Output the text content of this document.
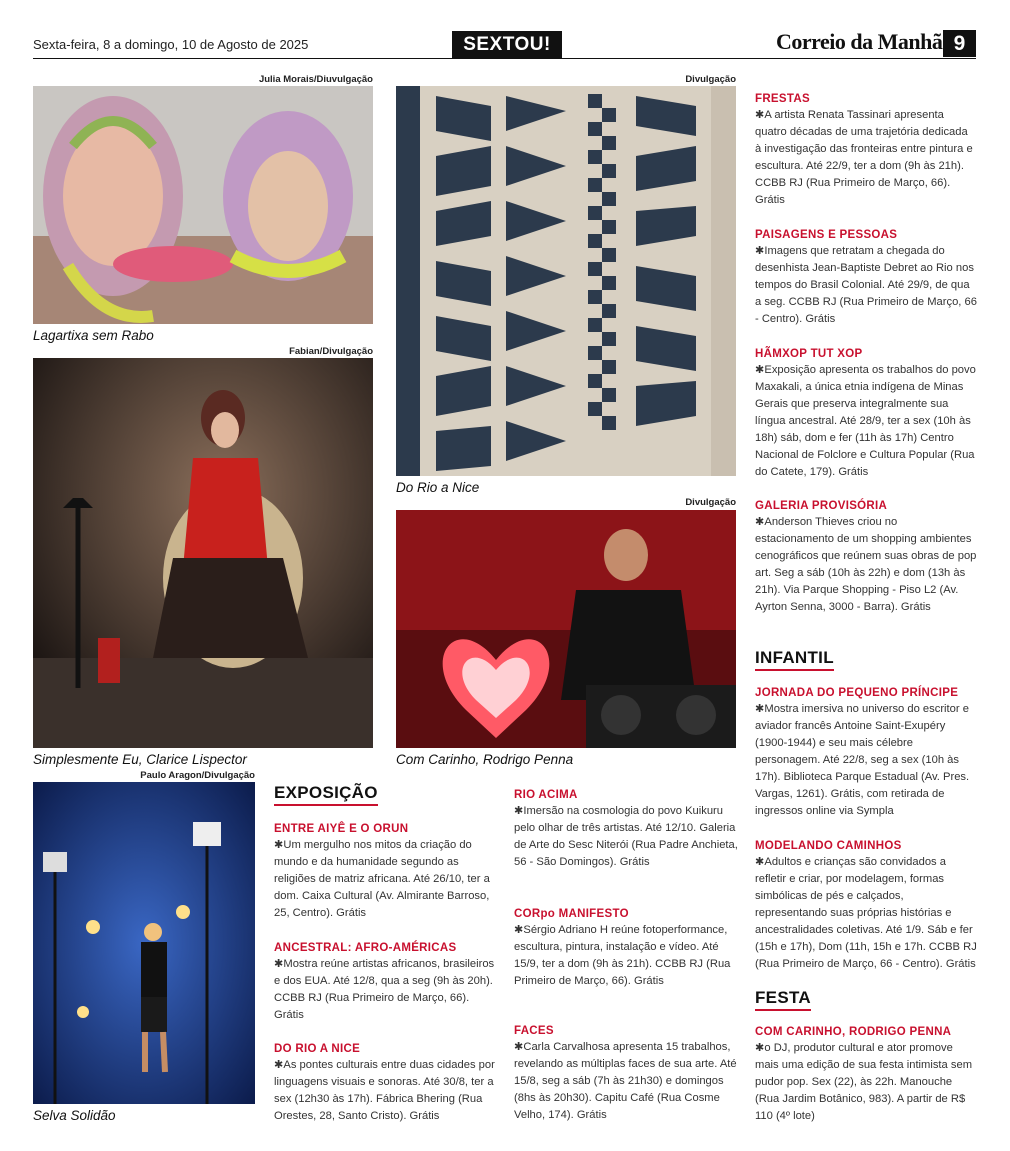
Sexta-feira, 8 a domingo, 10 de Agosto de 2025	SEXTOU!	Correio da Manhã 9
Julia Morais/Diuvulgação
Lagartixa sem Rabo
Fabian/Divulgação
Simplesmente Eu, Clarice Lispector
Paulo Aragon/Divulgação
Selva Solidão
Divulgação
Do Rio a Nice
Divulgação
Com Carinho, Rodrigo Penna
EXPOSIÇÃO
ENTRE AIYÊ E O ORUN
✱Um mergulho nos mitos da criação do mundo e da humanidade segundo as religiões de matriz africana. Até 26/10, ter a dom. Caixa Cultural (Av. Almirante Barroso, 25, Centro). Grátis
ANCESTRAL: AFRO-AMÉRICAS
✱Mostra reúne artistas africanos, brasileiros e dos EUA. Até 12/8, qua a seg (9h às 20h). CCBB RJ (Rua Primeiro de Março, 66). Grátis
DO RIO A NICE
✱As pontes culturais entre duas cidades por linguagens visuais e sonoras. Até 30/8, ter a sex (12h30 às 17h). Fábrica Bhering (Rua Orestes, 28, Santo Cristo). Grátis
RIO ACIMA
✱Imersão na cosmologia do povo Kuikuru pelo olhar de três artistas. Até 12/10. Galeria de Arte do Sesc Niterói (Rua Padre Anchieta, 56 - São Domingos). Grátis
CORpo MANIFESTO
✱Sérgio Adriano H reúne fotoperformance, escultura, pintura, instalação e vídeo. Até 15/9, ter a dom (9h às 21h). CCBB RJ (Rua Primeiro de Março, 66). Grátis
FACES
✱Carla Carvalhosa apresenta 15 trabalhos, revelando as múltiplas faces de sua arte. Até 15/8, seg a sáb (7h às 21h30) e domingos (8hs às 20h30). Capitu Café (Rua Cosme Velho, 174). Grátis
FRESTAS
✱A artista Renata Tassinari apresenta quatro décadas de uma trajetória dedicada à investigação das fronteiras entre pintura e escultura. Até 22/9, ter a dom (9h às 21h). CCBB RJ (Rua Primeiro de Março, 66). Grátis
PAISAGENS E PESSOAS
✱Imagens que retratam a chegada do desenhista Jean-Baptiste Debret ao Rio nos tempos do Brasil Colonial. Até 29/9, de qua a seg. CCBB RJ (Rua Primeiro de Março, 66 - Centro). Grátis
HÃMXOP TUT XOP
✱Exposição apresenta os trabalhos do povo Maxakali, a única etnia indígena de Minas Gerais que preserva integralmente sua língua ancestral. Até 28/9, ter a sex (10h às 18h) sáb, dom e fer (11h às 17h) Centro Nacional de Folclore e Cultura Popular (Rua do Catete, 179). Grátis
GALERIA PROVISÓRIA
✱Anderson Thieves criou no estacionamento de um shopping ambientes cenográficos que reúnem suas obras de pop art. Seg a sáb (10h às 22h) e dom (13h às 21h). Via Parque Shopping - Piso L2 (Av. Ayrton Senna, 3000 - Barra). Grátis
INFANTIL
JORNADA DO PEQUENO PRÍNCIPE
✱Mostra imersiva no universo do escritor e aviador francês Antoine Saint-Exupéry (1900-1944) e seu mais célebre personagem. Até 22/8, seg a sex (10h às 17h). Biblioteca Parque Estadual (Av. Pres. Vargas, 1261). Grátis, com retirada de ingressos online via Sympla
MODELANDO CAMINHOS
✱Adultos e crianças são convidados a refletir e criar, por modelagem, formas simbólicas de pés e calçados, representando suas próprias histórias e ancestralidades coletivas. Até 1/9. Sáb e fer (15h e 17h), Dom (11h, 15h e 17h. CCBB RJ (Rua Primeiro de Março, 66 - Centro). Grátis
FESTA
COM CARINHO, RODRIGO PENNA
✱o DJ, produtor cultural e ator promove mais uma edição de sua festa intimista sem pudor pop. Sex (22), às 22h. Manouche (Rua Jardim Botânico, 983). A partir de R$ 110 (4º lote)
